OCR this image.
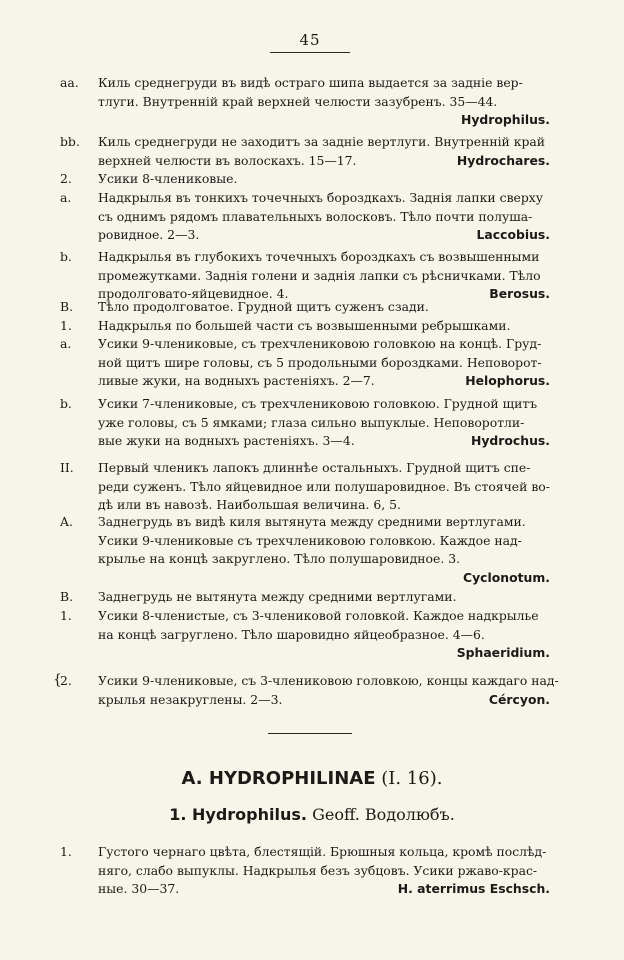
45
aa.	Киль среднегруди въ видѣ остраго шипа выдается за заднiе вер-
тлуги. Внутреннiй край верхней челюсти зазубренъ. 35—44.
Hydrophilus.
bb.	Киль среднегруди не заходитъ за заднiе вертлуги. Внутреннiй край
верхней челюсти въ волоскахъ. 15—17.	Hydrochares.
2.	Усики 8-члениковые.
a.	Надкрылья въ тонкихъ точечныхъ бороздкахъ. Заднiя лапки сверху
съ однимъ рядомъ плавательныхъ волосковъ. Тѣло почти полуша-
ровидное. 2—3.	Laccobius.
b.	Надкрылья въ глубокихъ точечныхъ бороздкахъ съ возвышенными
промежутками. Заднiя голени и заднiя лапки съ рѣсничками. Тѣло
продолговато-яйцевидное. 4.	Berosus.
B.	Тѣло продолговатое. Грудной щитъ суженъ сзади.
1.	Надкрылья по большей части съ возвышенными ребрышками.
a.	Усики 9-члениковые, съ трехчлениковою головкою на концѣ. Груд-
ной щитъ шире головы, съ 5 продольными бороздками. Неповорот-
ливые жуки, на водныхъ растенiяхъ. 2—7.	Helophorus.
b.	Усики 7-члениковые, съ трехчлениковою головкою. Грудной щитъ
уже головы, съ 5 ямками; глаза сильно выпуклые. Неповоротли-
вые жуки на водныхъ растенiяхъ. 3—4.	Hydrochus.
II.	Первый членикъ лапокъ длиннѣе остальныхъ. Грудной щитъ спе-
реди суженъ. Тѣло яйцевидное или полушаровидное. Въ стоячей во-
дѣ или въ навозѣ. Наибольшая величина. 6, 5.
A.	Заднегрудь въ видѣ киля вытянута между средними вертлугами.
Усики 9-члениковые съ трехчлениковою головкою. Каждое над-
крылье на концѣ закруглено. Тѣло полушаровидное. 3.
Cyclonotum.
B.	Заднегрудь не вытянута между средними вертлугами.
1.	Усики 8-членистые, съ 3-члениковой головкой. Каждое надкрылье
на концѣ загруглено. Тѣло шаровидно яйцеобразное. 4—6.
Sphaeridium.
{
2.	Усики 9-члениковые, съ 3-члениковою головкою, концы каждаго над-
крылья незакруглены. 2—3.	Cércyon.
A. HYDROPHILINAE (I. 16).
1. Hydrophilus. Geoff. Водолюбъ.
1.	Густого чернаго цвѣта, блестящiй. Брюшныя кольца, кромѣ послѣд-
нягo, слабо выпуклы. Надкрылья безъ зубцовъ. Усики ржаво-крас-
ные. 30—37.	H. aterrimus Eschsch.
